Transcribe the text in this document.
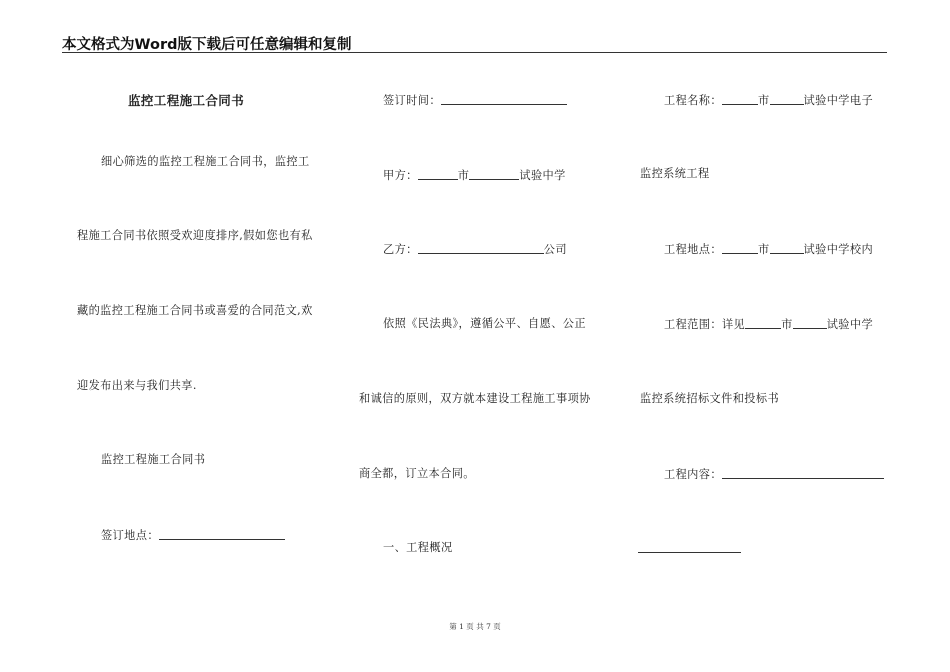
本文格式为Word版下载后可任意编辑和复制
监控工程施工合同书
细心筛选的监控工程施工合同书，监控工
程施工合同书依照受欢迎度排序,假如您也有私
藏的监控工程施工合同书或喜爱的合同范文,欢
迎发布出来与我们共享.
监控工程施工合同书
签订地点：
签订时间：
甲方：	市	试验中学
乙方：	公司
依照《民法典》，遵循公平、自愿、公正
和诚信的原则，双方就本建设工程施工事项协
商全都，订立本合同。
一、工程概况
工程名称：	市	试验中学电子
监控系统工程
工程地点：	市	试验中学校内
工程范围：详见	市	试验中学
监控系统招标文件和投标书
工程内容：
第 1 页 共 7 页
